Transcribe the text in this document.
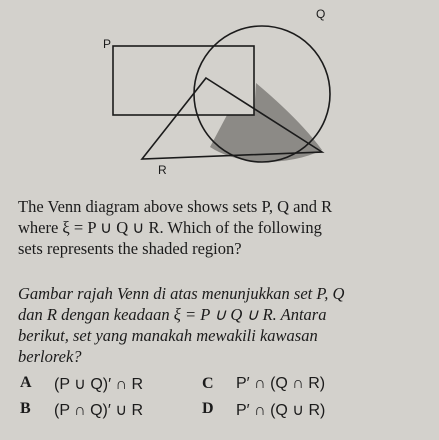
P
Q
R
The Venn diagram above shows sets P, Q and R
where ξ = P ∪ Q ∪ R. Which of the following
sets represents the shaded region?
Gambar rajah Venn di atas menunjukkan set P, Q
dan R dengan keadaan ξ = P ∪ Q ∪ R. Antara
berikut, set yang manakah mewakili kawasan
berlorek?
A	(P ∪ Q)′ ∩ R	C	P′ ∩ (Q ∩ R)
B	(P ∩ Q)′ ∪ R	D	P′ ∩ (Q ∪ R)
